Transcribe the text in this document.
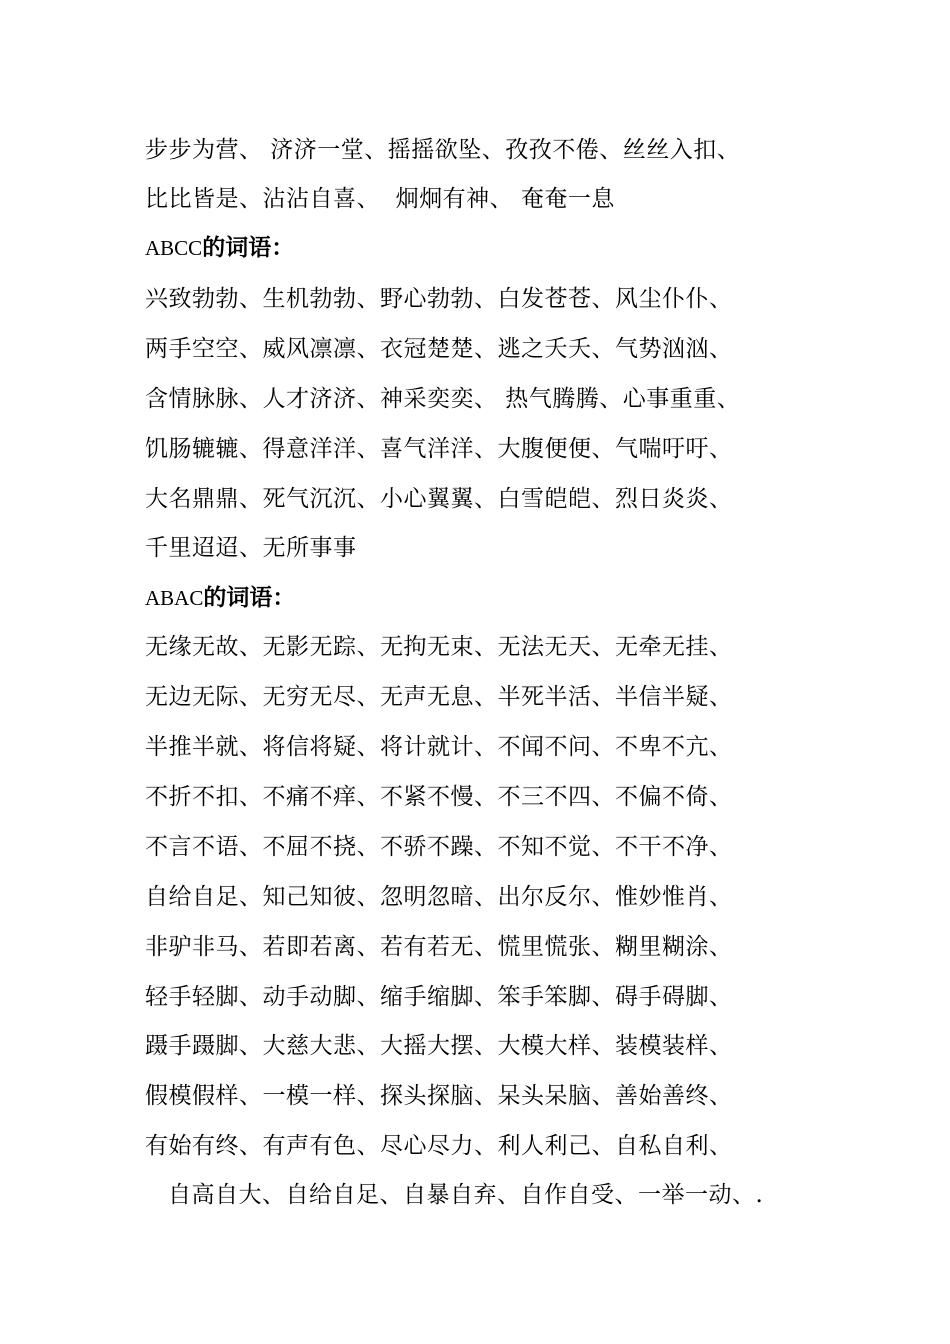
步步为营、 济济一堂、摇摇欲坠、孜孜不倦、丝丝入扣、
比比皆是、沾沾自喜、  炯炯有神、 奄奄一息
ABCC的词语：
兴致勃勃、生机勃勃、野心勃勃、白发苍苍、风尘仆仆、
两手空空、威风凛凛、衣冠楚楚、逃之夭夭、气势汹汹、
含情脉脉、人才济济、神采奕奕、 热气腾腾、心事重重、
饥肠辘辘、得意洋洋、喜气洋洋、大腹便便、气喘吁吁、
大名鼎鼎、死气沉沉、小心翼翼、白雪皑皑、烈日炎炎、
千里迢迢、无所事事
ABAC的词语：
无缘无故、无影无踪、无拘无束、无法无天、无牵无挂、
无边无际、无穷无尽、无声无息、半死半活、半信半疑、
半推半就、将信将疑、将计就计、不闻不问、不卑不亢、
不折不扣、不痛不痒、不紧不慢、不三不四、不偏不倚、
不言不语、不屈不挠、不骄不躁、不知不觉、不干不净、
自给自足、知己知彼、忽明忽暗、出尔反尔、惟妙惟肖、
非驴非马、若即若离、若有若无、慌里慌张、糊里糊涂、
轻手轻脚、动手动脚、缩手缩脚、笨手笨脚、碍手碍脚、
蹑手蹑脚、大慈大悲、大摇大摆、大模大样、装模装样、
假模假样、一模一样、探头探脑、呆头呆脑、善始善终、
有始有终、有声有色、尽心尽力、利人利己、自私自利、
自高自大、自给自足、自暴自弃、自作自受、一举一动、.
